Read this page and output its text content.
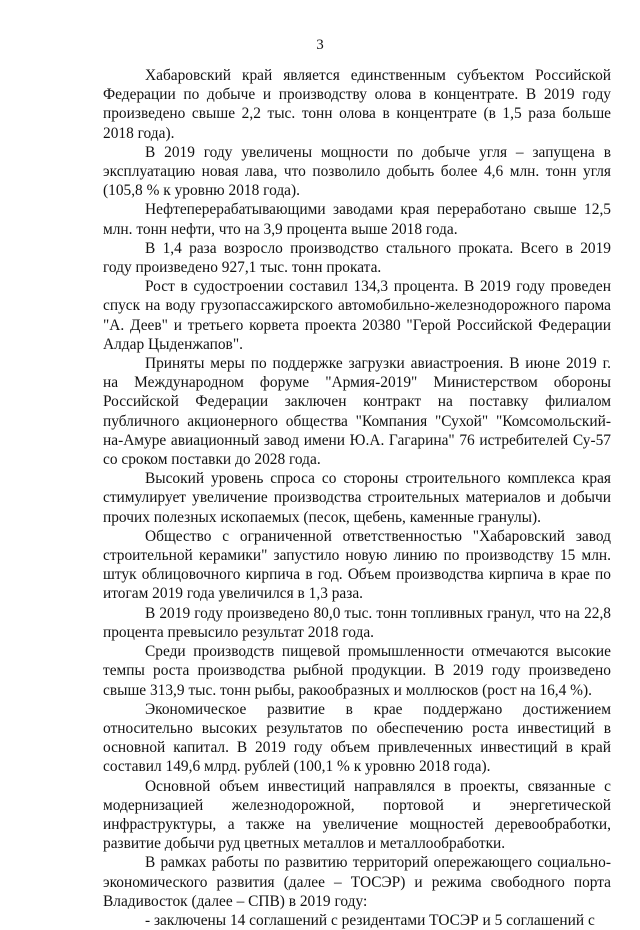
3

Хабаровский край является единственным субъектом Российской Федерации по добыче и производству олова в концентрате. В 2019 году произведено свыше 2,2 тыс. тонн олова в концентрате (в 1,5 раза больше 2018 года).

В 2019 году увеличены мощности по добыче угля – запущена в эксплуатацию новая лава, что позволило добыть более 4,6 млн. тонн угля (105,8 % к уровню 2018 года).

Нефтеперерабатывающими заводами края переработано свыше 12,5 млн. тонн нефти, что на 3,9 процента выше 2018 года.

В 1,4 раза возросло производство стального проката. Всего в 2019 году произведено 927,1 тыс. тонн проката.

Рост в судостроении составил 134,3 процента. В 2019 году проведен спуск на воду грузопассажирского автомобильно-железнодорожного парома "А. Деев" и третьего корвета проекта 20380 "Герой Российской Федерации Алдар Цыденжапов".

Приняты меры по поддержке загрузки авиастроения. В июне 2019 г. на Международном форуме "Армия-2019" Министерством обороны Российской Федерации заключен контракт на поставку филиалом публичного акционерного общества "Компания "Сухой" "Комсомольский-на-Амуре авиационный завод имени Ю.А. Гагарина" 76 истребителей Су-57 со сроком поставки до 2028 года.

Высокий уровень спроса со стороны строительного комплекса края стимулирует увеличение производства строительных материалов и добычи прочих полезных ископаемых (песок, щебень, каменные гранулы).

Общество с ограниченной ответственностью "Хабаровский завод строительной керамики" запустило новую линию по производству 15 млн. штук облицовочного кирпича в год. Объем производства кирпича в крае по итогам 2019 года увеличился в 1,3 раза.

В 2019 году произведено 80,0 тыс. тонн топливных гранул, что на 22,8 процента превысило результат 2018 года.

Среди производств пищевой промышленности отмечаются высокие темпы роста производства рыбной продукции. В 2019 году произведено свыше 313,9 тыс. тонн рыбы, ракообразных и моллюсков (рост на 16,4 %).

Экономическое развитие в крае поддержано достижением относительно высоких результатов по обеспечению роста инвестиций в основной капитал. В 2019 году объем привлеченных инвестиций в край составил 149,6 млрд. рублей (100,1 % к уровню 2018 года).

Основной объем инвестиций направлялся в проекты, связанные с модернизацией железнодорожной, портовой и энергетической инфраструктуры, а также на увеличение мощностей деревообработки, развитие добычи руд цветных металлов и металлообработки.

В рамках работы по развитию территорий опережающего социально-экономического развития (далее – ТОСЭР) и режима свободного порта Владивосток (далее – СПВ) в 2019 году:

- заключены 14 соглашений с резидентами ТОСЭР и 5 соглашений с
